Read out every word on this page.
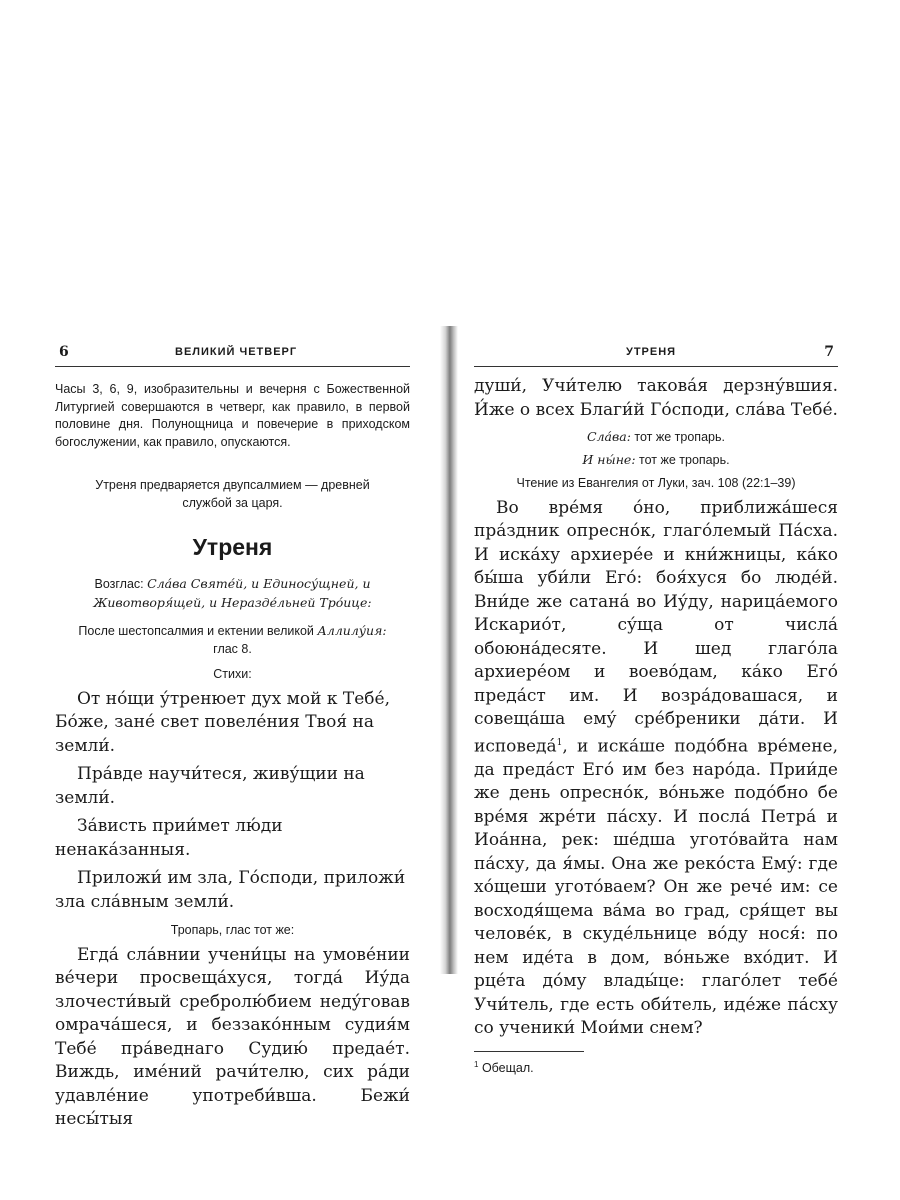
6	ВЕЛИКИЙ ЧЕТВЕРГ

Часы 3, 6, 9, изобразительны и вечерня с Божественной Литургией совершаются в четверг, как правило, в первой половине дня. Полунощница и повечерие в приходском богослужении, как правило, опускаются.

Утреня предваряется двупсалмием — древней службой за царя.

Утреня

Возглас: Сла́ва Святе́й, и Единосу́щней, и Животворя́щей, и Неразде́льней Тро́ице:

После шестопсалмия и ектении великой Аллилу́ия:
глас 8.

Стихи:

От но́щи у́тренюет дух мой к Тебе́, Бо́же, зане́ свет повеле́ния Твоя́ на земли́.

Пра́вде научи́теся, живу́щии на земли́.

За́висть прии́мет лю́ди ненака́занныя.

Приложи́ им зла, Го́споди, приложи́ зла сла́вным земли́.

Тропарь, глас тот же:

Егда́ сла́внии учени́цы на умове́нии ве́чери просвеща́хуся, тогда́ Иу́да злочести́вый сребролю́бием неду́говав омрача́шеся, и беззако́нным судия́м Тебе́ пра́веднаго Судию́ предае́т. Виждь, име́ний рачи́телю, сих ра́ди удавле́ние употреби́вша. Бежи́ несы́тыя

УТРЕНЯ	7

души́, Учи́телю такова́я дерзну́вшия. И́же о всех Благи́й Го́споди, сла́ва Тебе́.

Сла́ва: тот же тропарь.

И ны́не: тот же тропарь.

Чтение из Евангелия от Луки, зач. 108 (22:1–39)

Во вре́мя о́но, приближа́шеся пра́здник опресно́к, глаго́лемый Па́сха. И иска́ху архиере́е и кни́жницы, ка́ко бы́ша уби́ли Его́: боя́хуся бо люде́й. Вни́де же сатана́ во Иу́ду, нарица́емого Искарио́т, су́ща от числа́ обоюна́десяте. И шед глаго́ла архиере́ом и воево́дам, ка́ко Его́ преда́ст им. И возра́довашася, и совеща́ша ему́ сре́бреники да́ти. И исповеда́$^1$, и иска́ше подо́бна вре́мене, да преда́ст Его́ им без наро́да. Прии́де же день опресно́к, во́ньже подо́бно бе вре́мя жре́ти па́сху. И посла́ Петра́ и Иоа́нна, рек: ше́дша угото́вайта нам па́сху, да я́мы. Она же реко́ста Ему́: где хо́щеши угото́ваем? Он же рече́ им: се восходя́щема ва́ма во град, сря́щет вы челове́к, в скуде́льнице во́ду нося́: по нем иде́та в дом, во́ньже вхо́дит. И рце́та до́му влады́це: глаго́лет тебе́ Учи́тель, где есть оби́тель, иде́же па́сху со ученики́ Мои́ми снем?

$^1$ Обещал.
